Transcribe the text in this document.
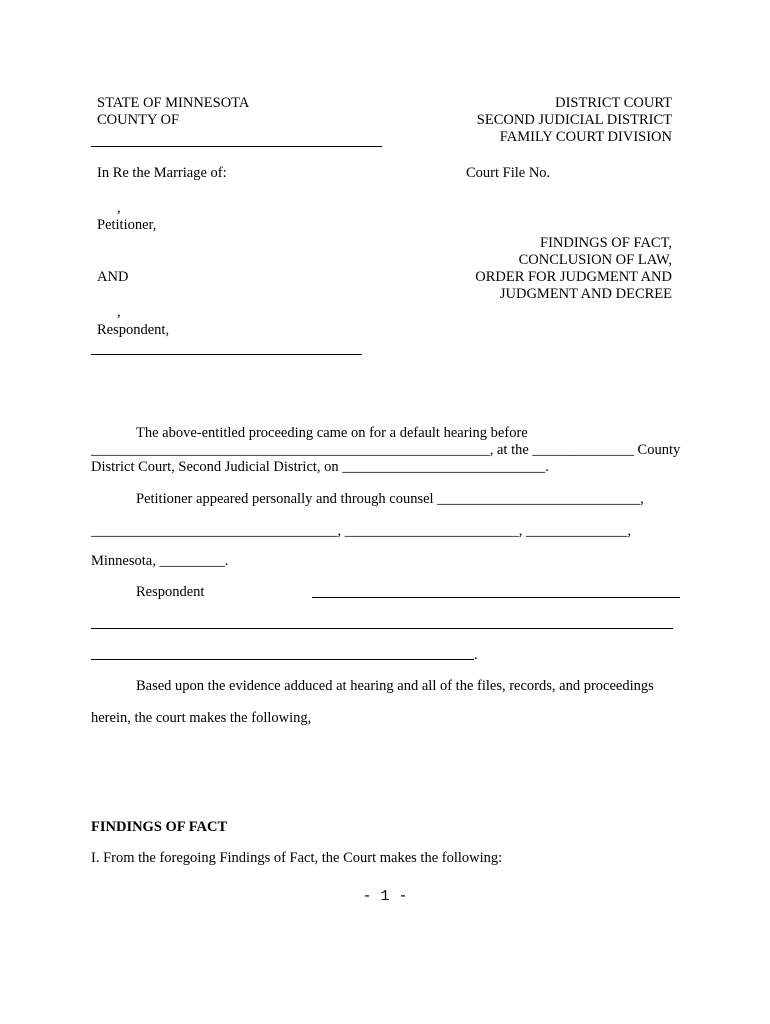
STATE OF MINNESOTA
COUNTY OF
DISTRICT COURT
SECOND JUDICIAL DISTRICT
FAMILY COURT DIVISION
In Re the Marriage of:	Court File No.
,
Petitioner,
FINDINGS OF FACT,
CONCLUSION OF LAW,
ORDER FOR JUDGMENT AND
JUDGMENT AND DECREE
AND
,
Respondent,
The above-entitled proceeding came on for a default hearing before
_______________________________________________________, at the ______________ County
District Court, Second Judicial District, on ____________________________.
Petitioner appeared personally and through counsel ____________________________,
__________________________________, ________________________, ______________,
Minnesota, _________.
Respondent
.
Based upon the evidence adduced at hearing and all of the files, records, and proceedings
herein, the court makes the following,
FINDINGS OF FACT
I. From the foregoing Findings of Fact, the Court makes the following:
- 1 -
